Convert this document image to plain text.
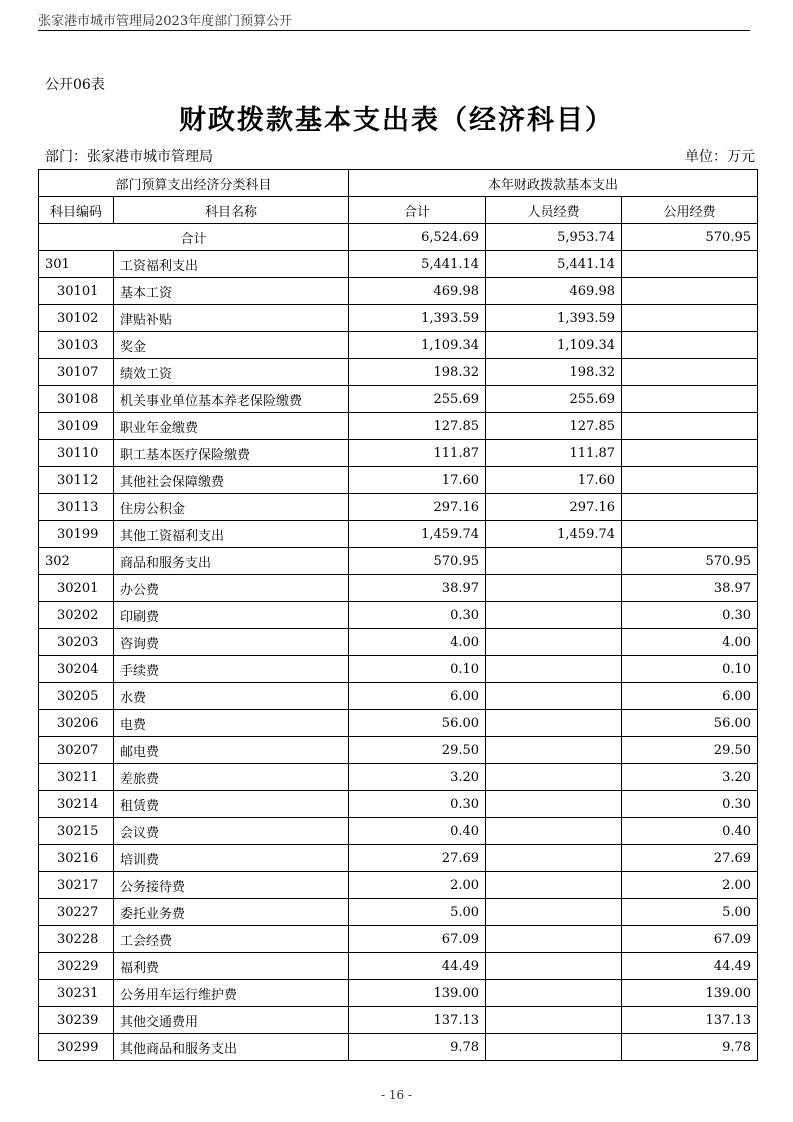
张家港市城市管理局2023年度部门预算公开
公开06表
财政拨款基本支出表（经济科目）
部门：张家港市城市管理局	单位：万元
部门预算支出经济分类科目		本年财政拨款基本支出		
科目编码	科目名称	合计	人员经费	公用经费
合计		6,524.69	5,953.74	570.95
301	工资福利支出	5,441.14	5,441.14	
30101	基本工资	469.98	469.98	
30102	津贴补贴	1,393.59	1,393.59	
30103	奖金	1,109.34	1,109.34	
30107	绩效工资	198.32	198.32	
30108	机关事业单位基本养老保险缴费	255.69	255.69	
30109	职业年金缴费	127.85	127.85	
30110	职工基本医疗保险缴费	111.87	111.87	
30112	其他社会保障缴费	17.60	17.60	
30113	住房公积金	297.16	297.16	
30199	其他工资福利支出	1,459.74	1,459.74	
302	商品和服务支出	570.95		570.95
30201	办公费	38.97		38.97
30202	印刷费	0.30		0.30
30203	咨询费	4.00		4.00
30204	手续费	0.10		0.10
30205	水费	6.00		6.00
30206	电费	56.00		56.00
30207	邮电费	29.50		29.50
30211	差旅费	3.20		3.20
30214	租赁费	0.30		0.30
30215	会议费	0.40		0.40
30216	培训费	27.69		27.69
30217	公务接待费	2.00		2.00
30227	委托业务费	5.00		5.00
30228	工会经费	67.09		67.09
30229	福利费	44.49		44.49
30231	公务用车运行维护费	139.00		139.00
30239	其他交通费用	137.13		137.13
30299	其他商品和服务支出	9.78		9.78
- 16 -
